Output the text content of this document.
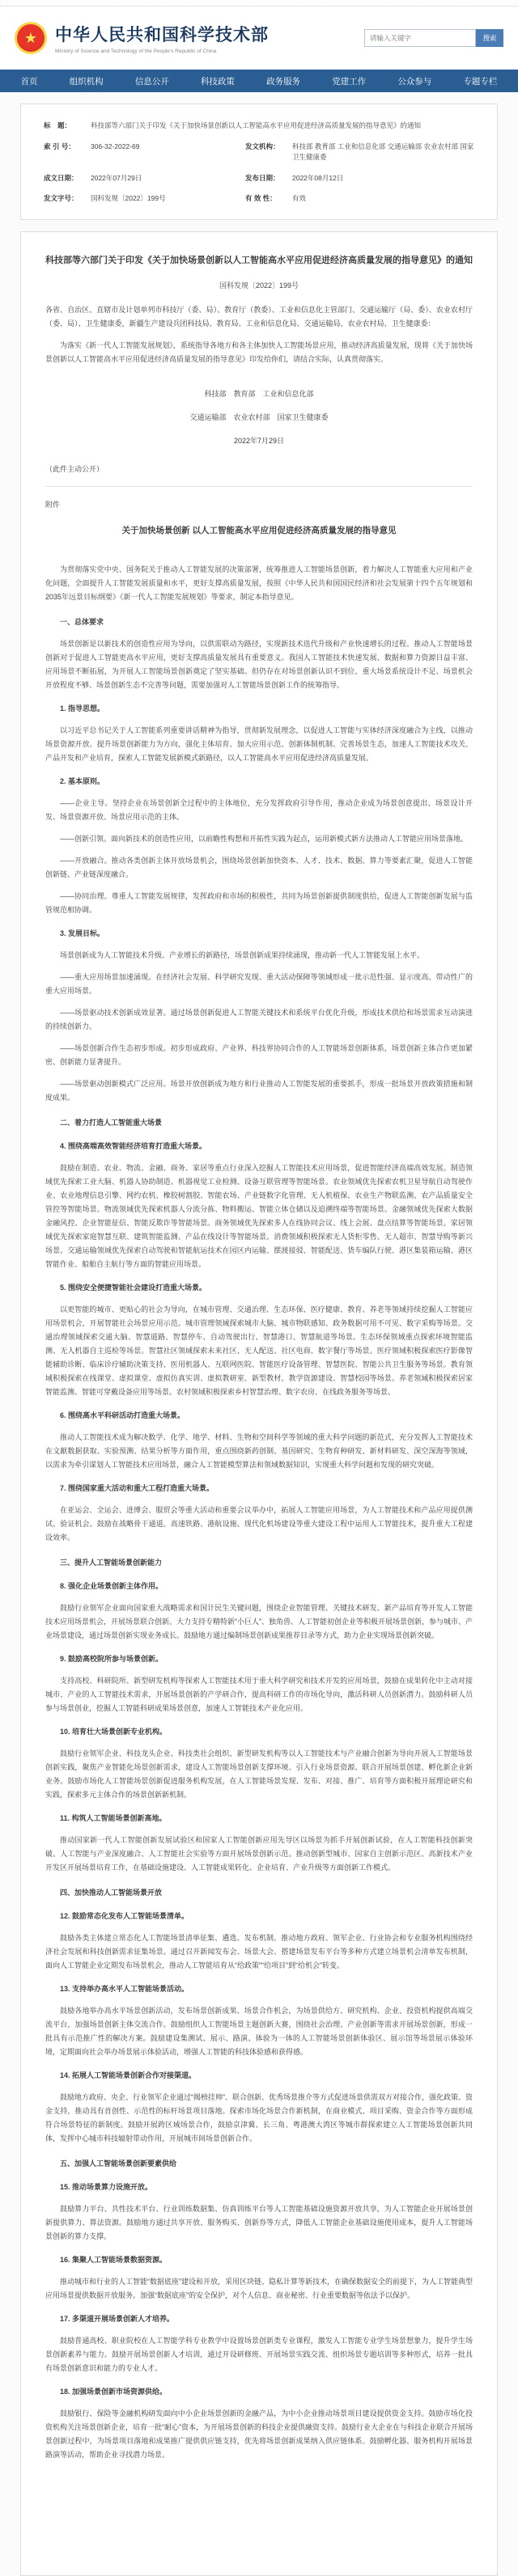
★	中华人民共和国科学技术部
Ministry of Science and Technology of the People's Republic of China
请输入关键字
搜索
首页	组织机构	信息公开	科技政策	政务服务	党建工作	公众参与	专题专栏
标　题：	科技部等六部门关于印发《关于加快场景创新以人工智能高水平应用促进经济高质量发展的指导意见》的通知		
索 引 号：	306-32-2022-69	发文机构：	科技部 教育部 工业和信息化部 交通运输部 农业农村部 国家卫生健康委
成文日期：	2022年07月29日	发布日期：	2022年08月12日
发文字号：	国科发规〔2022〕199号	有 效 性：	有效
科技部等六部门关于印发《关于加快场景创新以人工智能高水平应用促进经济高质量发展的指导意见》的通知
国科发规〔2022〕199号

各省、自治区、直辖市及计划单列市科技厅（委、局）、教育厅（教委）、工业和信息化主管部门、交通运输厅（局、委）、农业农村厅（委、局）、卫生健康委，新疆生产建设兵团科技局、教育局、工业和信息化局、交通运输局、农业农村局、卫生健康委：

为落实《新一代人工智能发展规划》，系统指导各地方和各主体加快人工智能场景应用，推动经济高质量发展，现将《关于加快场景创新以人工智能高水平应用促进经济高质量发展的指导意见》印发给你们，请结合实际，认真贯彻落实。

科技部　教育部　工业和信息化部
交通运输部　农业农村部　国家卫生健康委
2022年7月29日

（此件主动公开）

附件

关于加快场景创新 以人工智能高水平应用促进经济高质量发展的指导意见

为贯彻落实党中央、国务院关于推动人工智能发展的决策部署，统筹推进人工智能场景创新，着力解决人工智能重大应用和产业化问题，全面提升人工智能发展质量和水平，更好支撑高质量发展，按照《中华人民共和国国民经济和社会发展第十四个五年规划和2035年远景目标纲要》《新一代人工智能发展规划》等要求，制定本指导意见。

一、总体要求

场景创新是以新技术的创造性应用为导向，以供需联动为路径，实现新技术迭代升级和产业快速增长的过程。推动人工智能场景创新对于促进人工智能更高水平应用，更好支撑高质量发展具有重要意义。我国人工智能技术快速发展、数据和算力资源日益丰富、应用场景不断拓展，为开展人工智能场景创新奠定了坚实基础。但仍存在对场景创新认识不到位、重大场景系统设计不足、场景机会开放程度不够、场景创新生态不完善等问题，需要加强对人工智能场景创新工作的统筹指导。

1. 指导思想。

以习近平总书记关于人工智能系列重要讲话精神为指导，贯彻新发展理念，以促进人工智能与实体经济深度融合为主线，以推动场景资源开放、提升场景创新能力为方向，强化主体培育、加大应用示范、创新体制机制、完善场景生态，加速人工智能技术攻关、产品开发和产业培育，探索人工智能发展新模式新路径，以人工智能高水平应用促进经济高质量发展。

2. 基本原则。

——企业主导。坚持企业在场景创新全过程中的主体地位，充分发挥政府引导作用，推动企业成为场景创意提出、场景设计开发、场景资源开放、场景应用示范的主体。

——创新引领。面向新技术的创造性应用，以前瞻性构想和开拓性实践为起点，运用新模式新方法推动人工智能应用场景落地。

——开放融合。推动各类创新主体开放场景机会，围绕场景创新加快资本、人才、技术、数据、算力等要素汇聚，促进人工智能创新链、产业链深度融合。

——协同治理。尊重人工智能发展规律，发挥政府和市场的积极性，共同为场景创新提供制度供给，促进人工智能创新发展与监管规范相协调。

3. 发展目标。

场景创新成为人工智能技术升级、产业增长的新路径，场景创新成果持续涌现，推动新一代人工智能发展上水平。

——重大应用场景加速涌现。在经济社会发展、科学研究发现、重大活动保障等领域形成一批示范性强、显示度高、带动性广的重大应用场景。

——场景驱动技术创新成效显著。通过场景创新促进人工智能关键技术和系统平台优化升级，形成技术供给和场景需求互动演进的持续创新力。

——场景创新合作生态初步形成。初步形成政府、产业界、科技界协同合作的人工智能场景创新体系，场景创新主体合作更加紧密、创新能力显著提升。

——场景驱动创新模式广泛应用。场景开放创新成为地方和行业推动人工智能发展的重要抓手，形成一批场景开放政策措施和制度成果。

二、着力打造人工智能重大场景

4. 围绕高端高效智能经济培育打造重大场景。

鼓励在制造、农业、物流、金融、商务、家居等重点行业深入挖掘人工智能技术应用场景，促进智能经济高端高效发展。制造领域优先探索工业大脑、机器人协助制造、机器视觉工业检测、设备互联管理等智能场景。农业领域优先探索农机卫星导航自动驾驶作业、农业地理信息引擎、网约农机、橡胶树割胶、智能农场、产业链数字化管理、无人机植保、农业生产物联监测、农产品质量安全管控等智能场景。物流领域优先探索机器人分流分拣、物料搬运、智能立体仓储以及追溯终端等智能场景。金融领域优先探索大数据金融风控、企业智能征信、智能反欺诈等智能场景。商务领域优先探索多人在线协同会议、线上会展、盘点结算等智能场景。家居领域优先探索家庭智慧互联、建筑智能监测、产品在线设计等智能场景。消费领域积极探索无人货柜零售、无人超市、智慧导购等新兴场景。交通运输领域优先探索自动驾驶和智能航运技术在园区内运输、摆渡接驳、智能配送、货车编队行驶、港区集装箱运输、港区智能作业、船舶自主航行等方面的智能应用场景。

5. 围绕安全便捷智能社会建设打造重大场景。

以更智能的城市、更贴心的社会为导向，在城市管理、交通治理、生态环保、医疗健康、教育、养老等领域持续挖掘人工智能应用场景机会，开展智能社会场景应用示范。城市管理领域探索城市大脑、城市物联感知、政务数据可用不可见、数字采购等场景。交通治理领域探索交通大脑、智慧道路、智慧停车、自动驾驶出行、智慧港口、智慧航道等场景。生态环保领域重点探索环境智能监测、无人机器自主巡检等场景。智慧社区领域探索未来社区、无人配送、社区电商、数字餐厅等场景。医疗领域积极探索医疗影像智能辅助诊断、临床诊疗辅助决策支持、医用机器人、互联网医院、智能医疗设备管理、智慧医院、智能公共卫生服务等场景。教育领域积极探索在线课堂、虚拟课堂、虚拟仿真实训、虚拟教研室、新型教材、教学资源建设、智慧校园等场景。养老领域积极探索居家智能监测、智能可穿戴设备应用等场景。农村领域积极探索乡村智慧治理、数字农房、在线政务服务等场景。

6. 围绕高水平科研活动打造重大场景。

推动人工智能技术成为解决数学、化学、地学、材料、生物和空间科学等领域的重大科学问题的新范式，充分发挥人工智能技术在文献数据获取、实验预测、结果分析等方面作用，重点围绕新药创制、基因研究、生物育种研发、新材料研发、深空深海等领域，以需求为牵引谋划人工智能技术应用场景，融合人工智能模型算法和领域数据知识，实现重大科学问题和发现的研究突破。

7. 围绕国家重大活动和重大工程打造重大场景。

在亚运会、全运会、进博会、服贸会等重大活动和重要会议举办中，拓展人工智能应用场景，为人工智能技术和产品应用提供测试、验证机会。鼓励在战略骨干通道、高速铁路、港航设施、现代化机场建设等重大建设工程中运用人工智能技术，提升重大工程建设效率。

三、提升人工智能场景创新能力

8. 强化企业场景创新主体作用。

鼓励行业领军企业面向国家重大战略需求和国计民生关键问题，围绕企业智能管理、关键技术研发、新产品培育等开发人工智能技术应用场景机会，开展场景联合创新。大力支持专精特新“小巨人”、独角兽、人工智能初创企业等积极开展场景创新，参与城市、产业场景建设，通过场景创新实现业务成长。鼓励地方通过编制场景创新成果推荐目录等方式，助力企业实现场景创新突破。

9. 鼓励高校院所参与场景创新。

支持高校、科研院所、新型研发机构等探索人工智能技术用于重大科学研究和技术开发的应用场景，鼓励在成果转化中主动对接城市、产业的人工智能技术需求，开展场景创新的产学研合作，提高科研工作的市场化导向，激活科研人员创新潜力。鼓励科研人员参与场景创业，挖掘人工智能科研成果场景创意，加速人工智能技术产业化应用。

10. 培育壮大场景创新专业机构。

鼓励行业领军企业、科技龙头企业、科技类社会组织、新型研发机构等以人工智能技术与产业融合创新为导向开展人工智能场景创新实践，聚焦产业智能化场景创新需求，建设人工智能场景创新支撑环境、引入行业场景资源、联合开展场景创建、孵化新企业新业务。鼓励市场化人工智能场景创新促进服务机构发展，在人工智能场景发现、发布、对接、推广、培育等方面积极开展理论研究和实践，探索多元主体合作的场景创新新机制。

11. 构筑人工智能场景创新高地。

推动国家新一代人工智能创新发展试验区和国家人工智能创新应用先导区以场景为抓手开展创新试验，在人工智能科技创新突破、人工智能与产业深度融合、人工智能社会实验等方面开展场景创新示范。推动创新型城市、国家自主创新示范区、高新技术产业开发区开展场景培育工作，在基础设施建设、人工智能成果转化、企业培育、产业升级等方面创新工作模式。

四、加快推动人工智能场景开放

12. 鼓励常态化发布人工智能场景清单。

鼓励各类主体建立常态化人工智能场景清单征集、遴选、发布机制。推动地方政府、领军企业、行业协会和专业服务机构围绕经济社会发展和科技创新需求征集场景。通过召开新闻发布会、场景大会、搭建场景发布平台等多种方式建立场景机会清单发布机制，面向人工智能企业定期发布场景机会，推动人工智能培育从“给政策”“给项目”到“给机会”转变。

13. 支持举办高水平人工智能场景活动。

鼓励各地举办高水平场景创新活动，发布场景创新成果、场景合作机会，为场景供给方、研究机构、企业、投资机构提供高端交流平台，加强场景创新主体交流合作。鼓励组织人工智能场景主题创新大赛，围绕社会治理、产业创新等需求开展场景创新，形成一批具有示范推广性的解决方案。鼓励建设集测试、展示、路演、体验为一体的人工智能场景创新体验区、展示馆等场景展示体验环境，定期面向社会举办场景展示体验活动，增强人工智能的科技体验感和获得感。

14. 拓展人工智能场景创新合作对接渠道。

鼓励地方政府、央企、行业领军企业通过“揭榜挂帅”、联合创新、优秀场景推介等方式促进场景供需双方对接合作，强化政策、资金支持，推动具有首创性、示范性的标杆场景项目落地。探索市场化场景合作新机制，在商业模式、项目采购、资金合作等方面形成符合场景特征的新制度。鼓励开展跨区域场景合作，鼓励京津冀、长三角、粤港澳大湾区等城市群探索建立人工智能场景创新共同体，发挥中心城市科技辐射带动作用，开展城市间场景创新合作。

五、加强人工智能场景创新要素供给

15. 推动场景算力设施开放。

鼓励算力平台、共性技术平台、行业训练数据集、仿真训练平台等人工智能基础设施资源开放共享，为人工智能企业开展场景创新提供算力、算法资源。鼓励地方通过共享开放、服务购买、创新券等方式，降低人工智能企业基础设施使用成本，提升人工智能场景创新的算力支撑。

16. 集聚人工智能场景数据资源。

推动城市和行业的人工智能“数据底座”建设和开放，采用区块链、隐私计算等新技术，在确保数据安全的前提下，为人工智能典型应用场景提供数据开放服务。加强“数据底座”的安全保护，对个人信息、商业秘密、行业重要数据等依法予以保护。

17. 多渠道开展场景创新人才培养。

鼓励普通高校、职业院校在人工智能学科专业教学中设置场景创新类专业课程，激发人工智能专业学生场景想象力，提升学生场景创新素养与能力。鼓励开展场景创新人才培训，通过开设研修班、开展场景实践交流、组织场景专题培训等多种形式，培养一批具有场景创新意识和能力的专业人才。

18. 加强场景创新市场资源供给。

鼓励银行、保险等金融机构研发面向中小企业场景创新的金融产品，为中小企业推动场景项目建设提供资金支持。鼓励市场化投资机构关注场景创新企业，培育一批“耐心”资本，为开展场景创新的科技企业提供融资支持。鼓励行业大企业在与科技企业联合开展场景创新过程中，为场景项目落地和成果推广提供供应链支持，优先将场景创新成果纳入供应链体系。鼓励孵化器、服务机构开展场景路演等活动，帮助企业寻找潜力场景。
